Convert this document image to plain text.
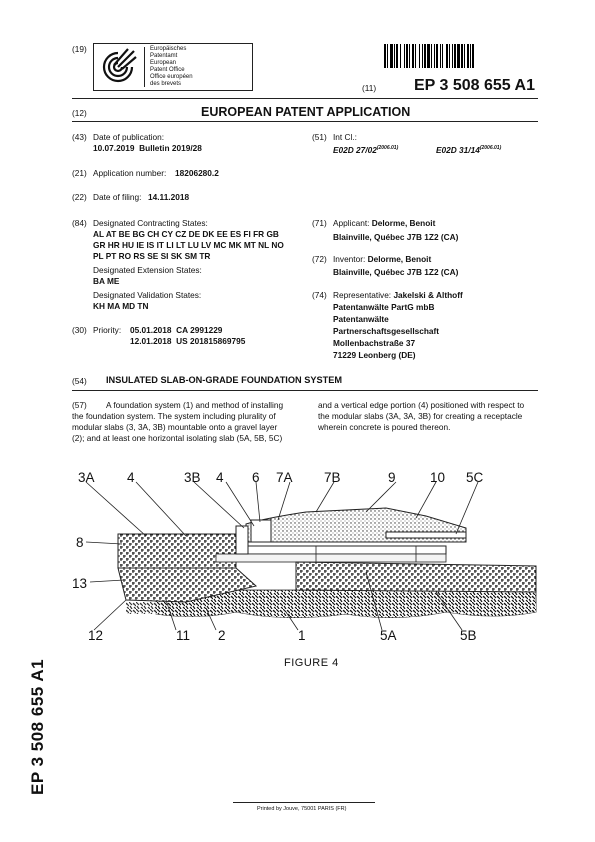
(19)	Europäisches
Patentamt
European
Patent Office
Office européen
des brevets	(11) EP 3 508 655 A1
(12)	EUROPEAN PATENT APPLICATION
(43) Date of publication:
10.07.2019  Bulletin 2019/28
(21) Application number: 18206280.2
(22) Date of filing: 14.11.2018
(84) Designated Contracting States:
AL AT BE BG CH CY CZ DE DK EE ES FI FR GB
GR HR HU IE IS IT LI LT LU LV MC MK MT NL NO
PL PT RO RS SE SI SK SM TR
Designated Extension States:
BA ME
Designated Validation States:
KH MA MD TN
(30) Priority: 05.01.2018  CA 2991229
12.01.2018  US 201815869795
(51) Int Cl.:
E02D $27/02^{(2006.01)}$	E02D $31/14^{(2006.01)}$
(71) Applicant: Delorme, Benoit
Blainville, Québec J7B 1Z2 (CA)
(72) Inventor: Delorme, Benoit
Blainville, Québec J7B 1Z2 (CA)
(74) Representative: Jakelski & Althoff
Patentanwälte PartG mbB
Patentanwälte
Partnerschaftsgesellschaft
Mollenbachstraße 37
71229 Leonberg (DE)
(54) INSULATED SLAB-ON-GRADE FOUNDATION SYSTEM
(57)	A foundation system (1) and method of installing
the foundation system. The system including plurality of
modular slabs (3, 3A, 3B) mountable onto a gravel layer
(2); and at least one horizontal isolating slab (5A, 5B, 5C)
and a vertical edge portion (4) positioned with respect to
the modular slabs (3A, 3A, 3B) for creating a receptacle
wherein concrete is poured thereon.
3A 4	3B 4 6 7A 7B	9	10 5C
8
13
12	11 2	1	5A	5B
FIGURE 4
EP 3 508 655 A1
Printed by Jouve, 75001 PARIS (FR)
